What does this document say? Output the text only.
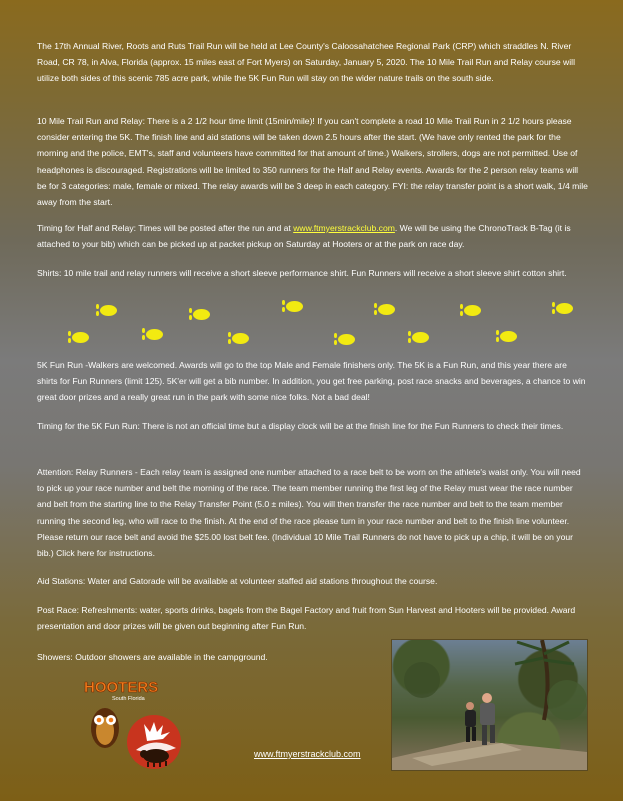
The 17th Annual River, Roots and Ruts Trail Run will be held at Lee County's Caloosahatchee Regional Park (CRP) which straddles N. River Road, CR 78, in Alva, Florida (approx. 15 miles east of Fort Myers) on Saturday, January 5, 2020. The 10 Mile Trail Run and Relay course will utilize both sides of this scenic 785 acre park, while the 5K Fun Run will stay on the wider nature trails on the south side.

10 Mile Trail Run and Relay: There is a 2 1/2 hour time limit (15min/mile)! If you can't complete a road 10 Mile Trail Run in 2 1/2 hours please consider entering the 5K. The finish line and aid stations will be taken down 2.5 hours after the start. (We have only rented the park for the morning and the police, EMT's, staff and volunteers have committed for that amount of time.) Walkers, strollers, dogs are not permitted. Use of headphones is discouraged. Registrations will be limited to 350 runners for the Half and Relay events. Awards for the 2 person relay teams will be for 3 categories: male, female or mixed. The relay awards will be 3 deep in each category. FYI: the relay transfer point is a short walk, 1/4 mile away from the start.

Timing for Half and Relay: Times will be posted after the run and at www.ftmyerstrackclub.com. We will be using the ChronoTrack B-Tag (it is attached to your bib) which can be picked up at packet pickup on Saturday at Hooters or at the park on race day.

Shirts: 10 mile trail and relay runners will receive a short sleeve performance shirt. Fun Runners will receive a short sleeve shirt cotton shirt.

5K Fun Run -Walkers are welcomed. Awards will go to the top Male and Female finishers only. The 5K is a Fun Run, and this year there are shirts for Fun Runners (limit 125). 5K'er will get a bib number. In addition, you get free parking, post race snacks and beverages, a chance to win great door prizes and a really great run in the park with some nice folks. Not a bad deal!

Timing for the 5K Fun Run: There is not an official time but a display clock will be at the finish line for the Fun Runners to check their times.

Attention: Relay Runners - Each relay team is assigned one number attached to a race belt to be worn on the athlete's waist only. You will need to pick up your race number and belt the morning of the race. The team member running the first leg of the Relay must wear the race number and belt from the starting line to the Relay Transfer Point (5.0 ± miles). You will then transfer the race number and belt to the team member running the second leg, who will race to the finish. At the end of the race please turn in your race number and belt to the finish line volunteer. Please return our race belt and avoid the $25.00 lost belt fee. (Individual 10 Mile Trail Runners do not have to pick up a chip, it will be on your bib.) Click here for instructions.

Aid Stations: Water and Gatorade will be available at volunteer staffed aid stations throughout the course.

Post Race: Refreshments: water, sports drinks, bagels from the Bagel Factory and fruit from Sun Harvest and Hooters will be provided. Award presentation and door prizes will be given out beginning after Fun Run.

Showers: Outdoor showers are available in the campground.

HOOTERS
South Florida
www.ftmyerstrackclub.com
